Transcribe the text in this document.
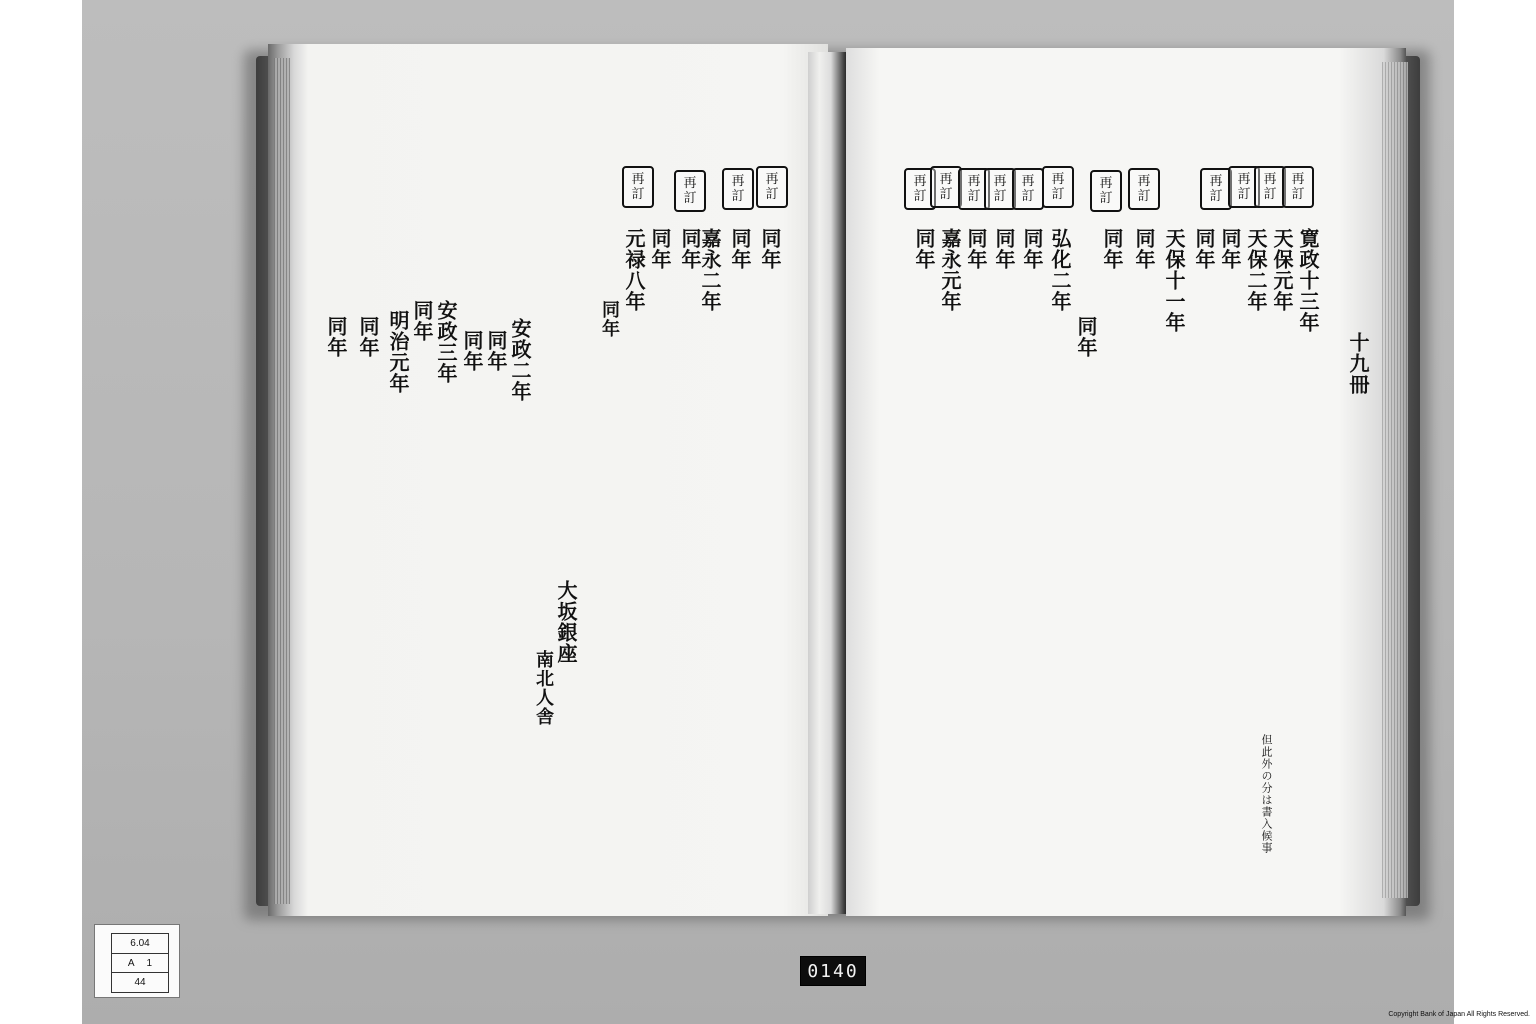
再
訂
再
訂
再
訂
再
訂
同年
同年
嘉永二年
同年
同年
元禄八年
同年
大坂銀座
南北人舎
安政二年
同年
同年
安政三年
同年
明治元年
同年
同年
再
訂
再
訂
再
訂
再
訂
再
訂
再
訂
再
訂
再
訂
再
訂
再
訂
再
訂
再
訂
十九冊
寛政十三年
天保元年
天保二年
同年
同年
天保十一年
同年
同年
同年
弘化二年
同年
同年
同年
嘉永元年
同年
但此外の分は書入候事
6.04
A 1
44
0140
Copyright Bank of Japan All Rights Reserved.
